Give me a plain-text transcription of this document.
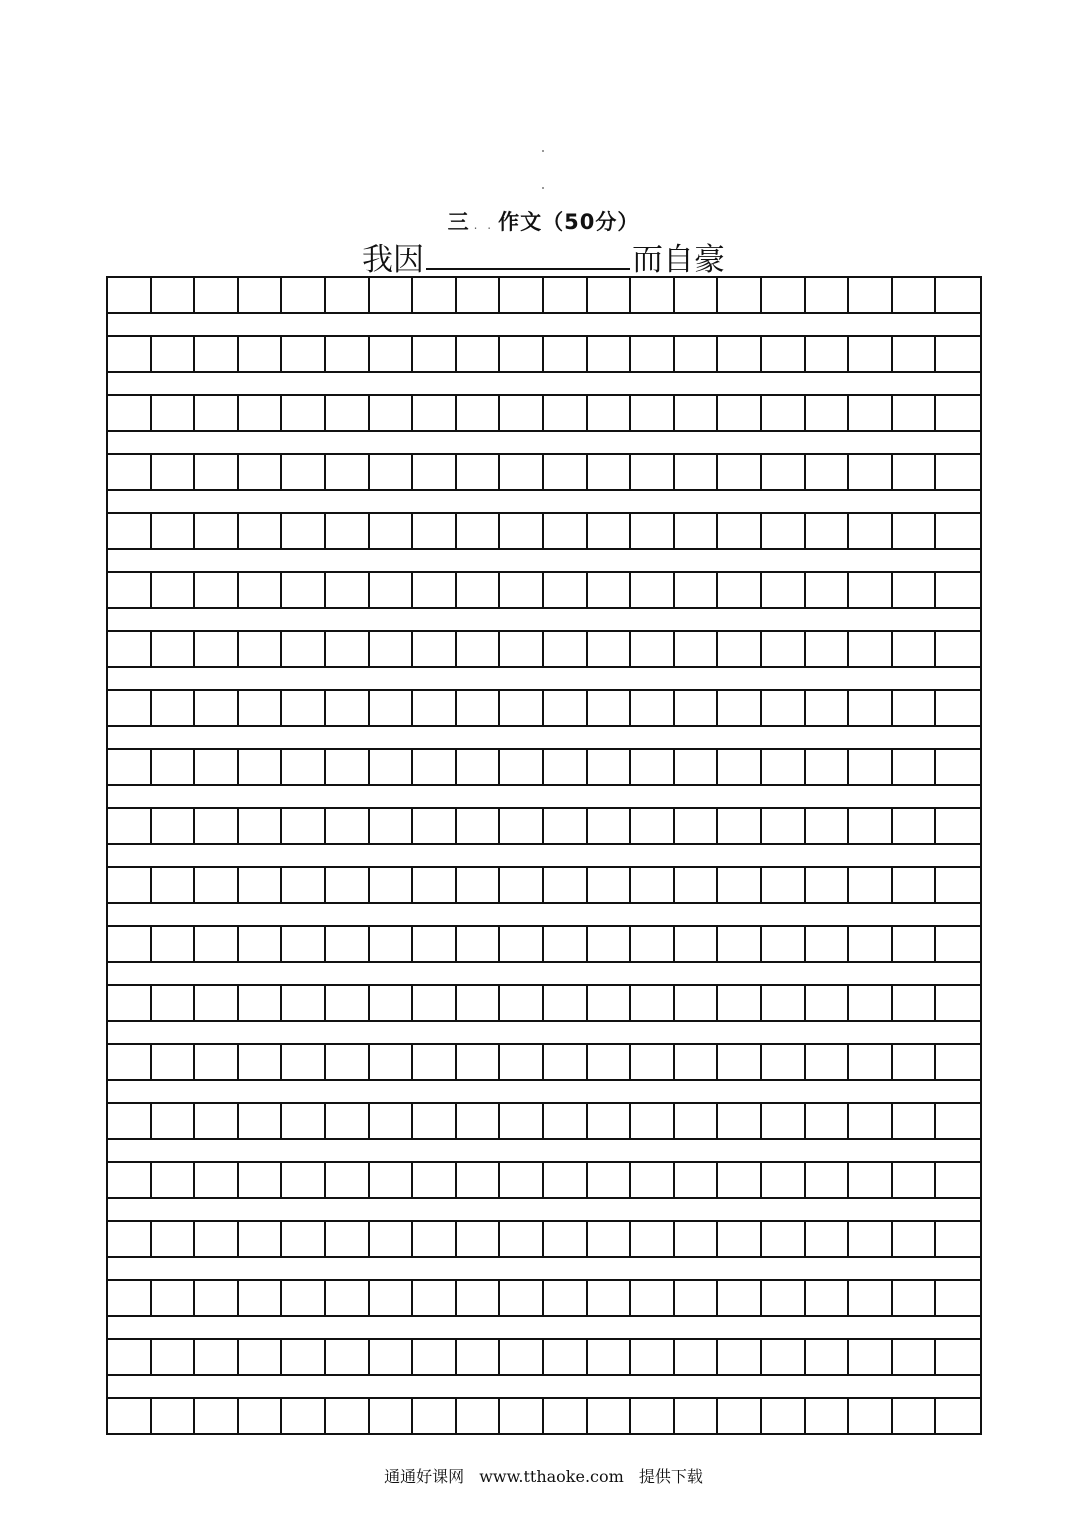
三 . . 作文（50分）
我因	而自豪
通通好课网 www.tthaoke.com 提供下载
